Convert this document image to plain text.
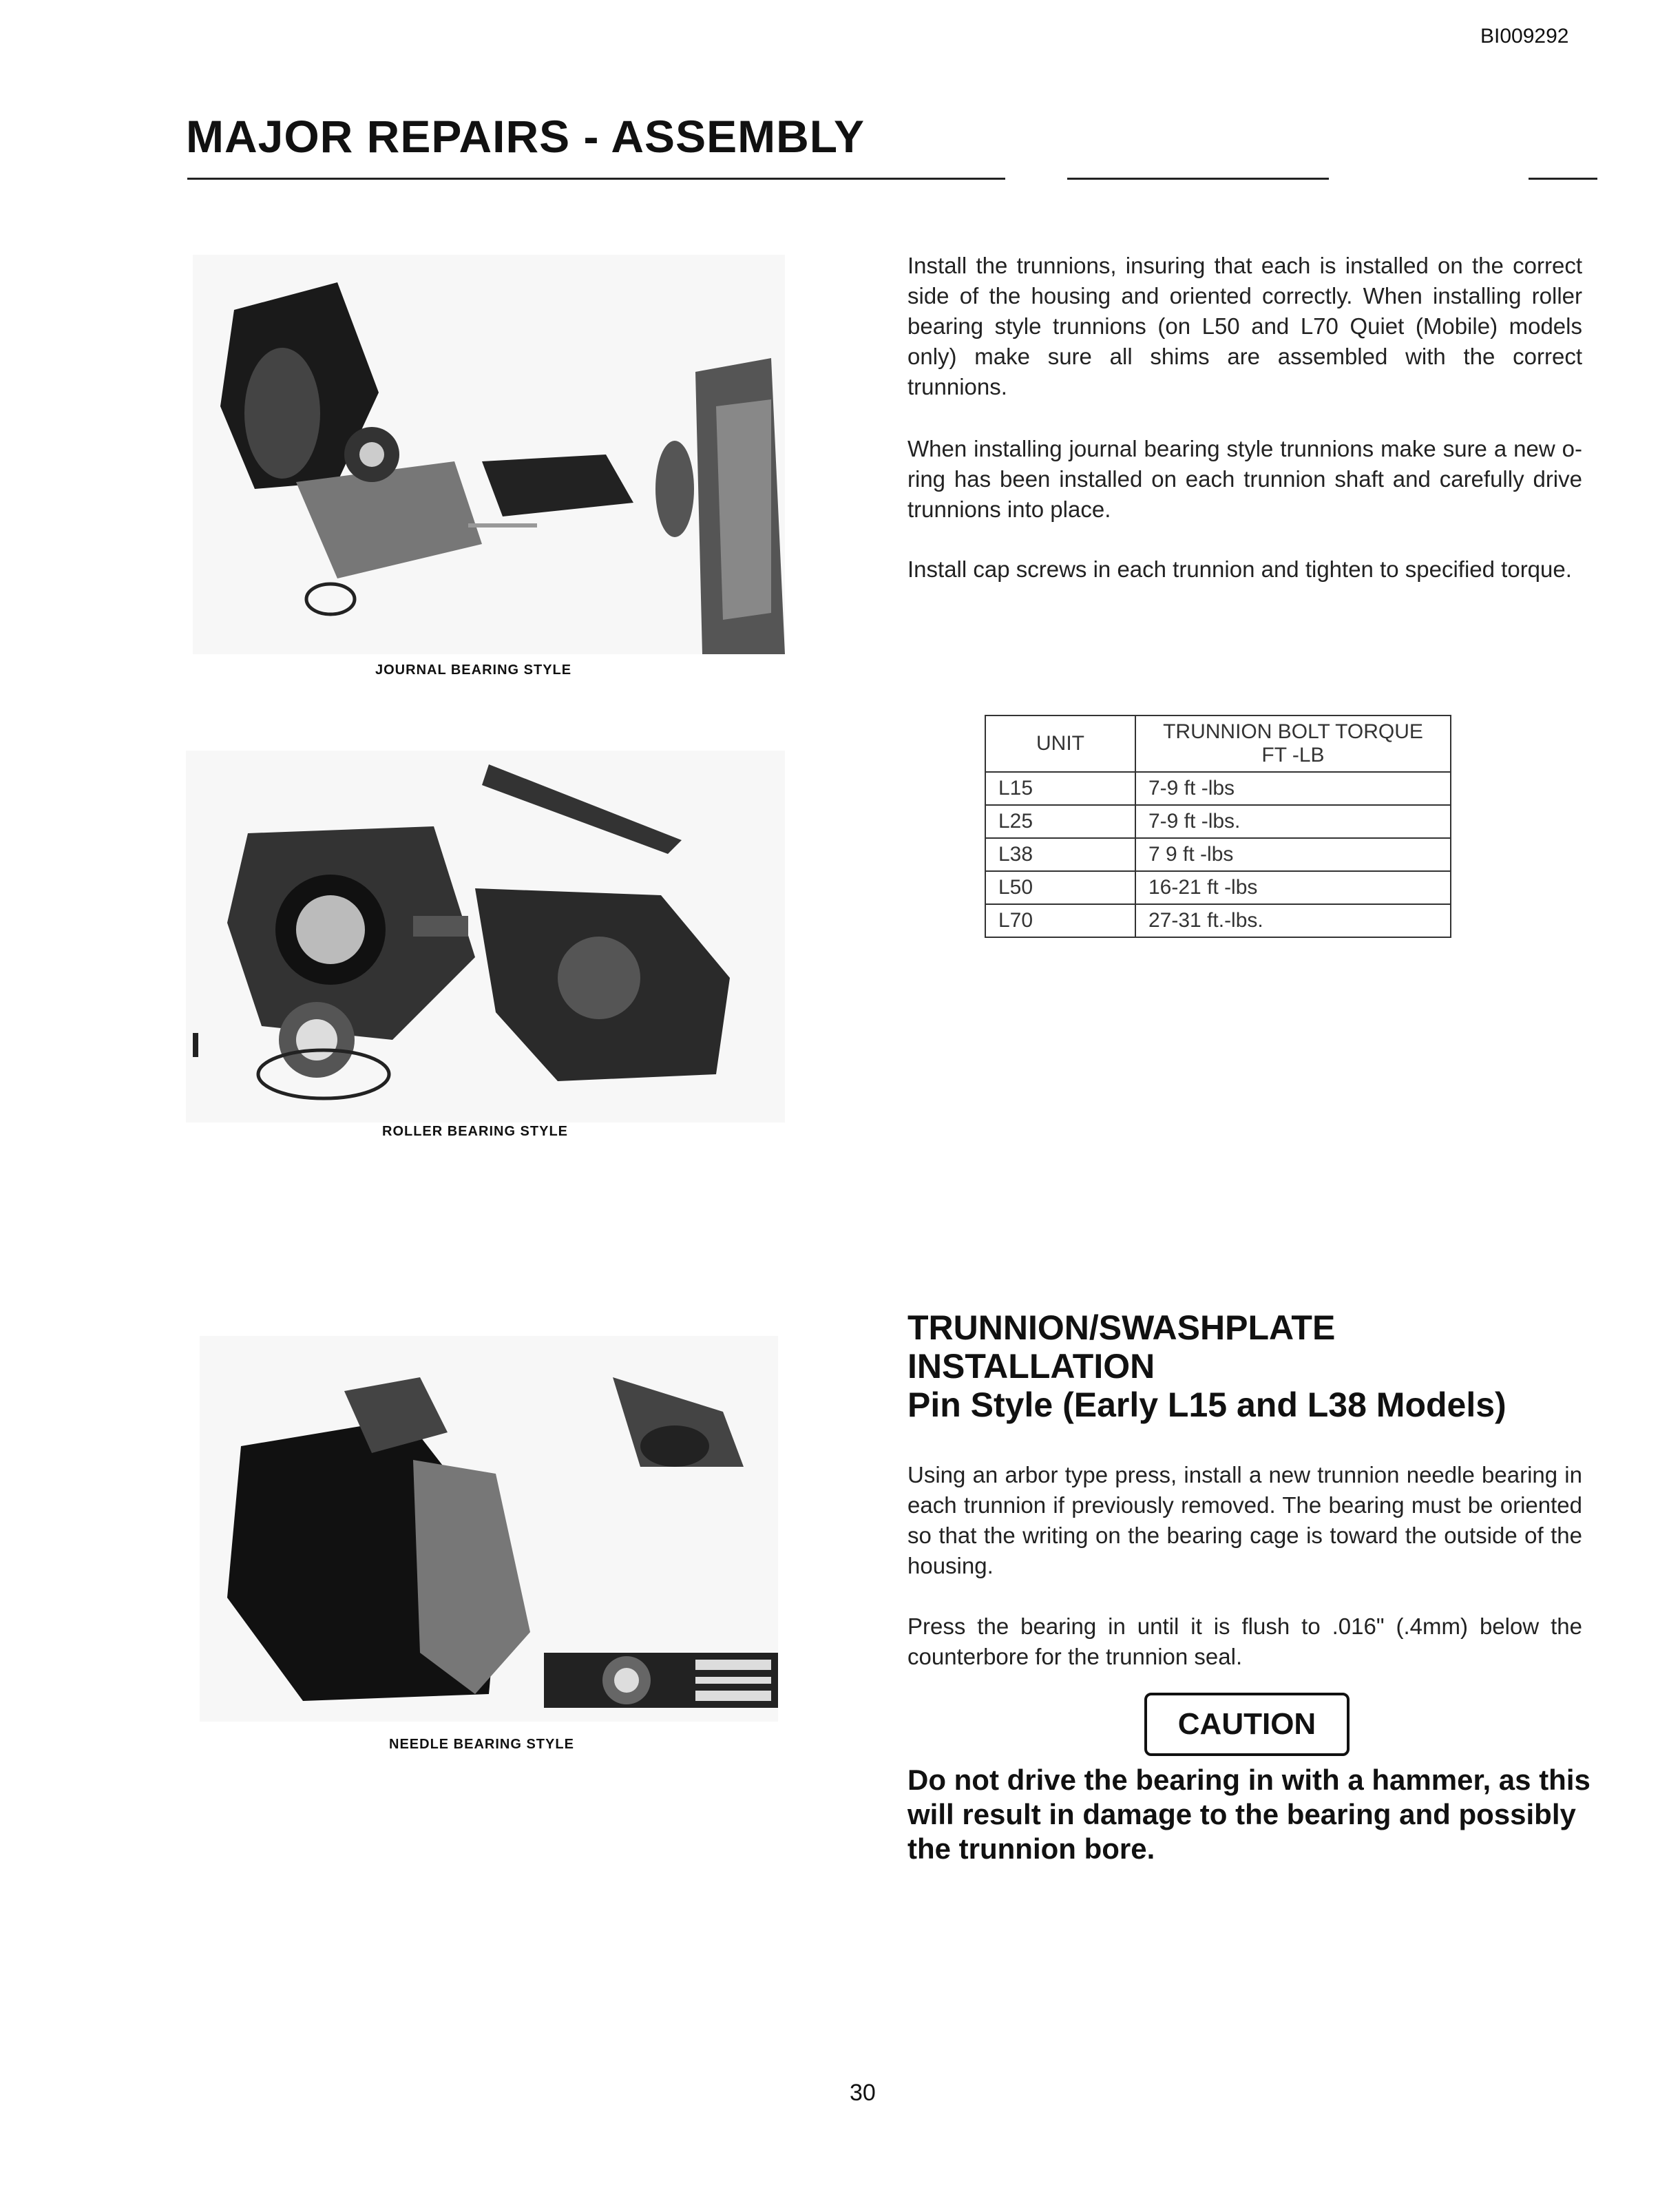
BI009292
MAJOR REPAIRS - ASSEMBLY
JOURNAL BEARING STYLE
ROLLER BEARING STYLE
NEEDLE BEARING STYLE
Install the trunnions, insuring that each is installed on the correct side of the housing and oriented correctly. When installing roller bearing style trunnions (on L50 and L70 Quiet (Mobile) models only) make sure all shims are assembled with the correct trunnions.
When installing journal bearing style trunnions make sure a new o-ring has been installed on each trunnion shaft and carefully drive trunnions into place.
Install cap screws in each trunnion and tighten to specified torque.
UNIT	TRUNNION BOLT TORQUE
FT -LB

L15	7-9 ft -lbs
L25	7-9 ft -lbs.
L38	7 9 ft -lbs
L50	16-21 ft -lbs
L70	27-31 ft.-lbs.
TRUNNION/SWASHPLATE
INSTALLATION
Pin Style (Early L15 and L38 Models)
Using an arbor type press, install a new trunnion needle bearing in each trunnion if previously removed. The bearing must be oriented so that the writing on the bearing cage is toward the outside of the housing.
Press the bearing in until it is flush to .016" (.4mm) below the counterbore for the trunnion seal.
CAUTION
Do not drive the bearing in with a hammer, as this will result in damage to the bearing and possibly the trunnion bore.
30
